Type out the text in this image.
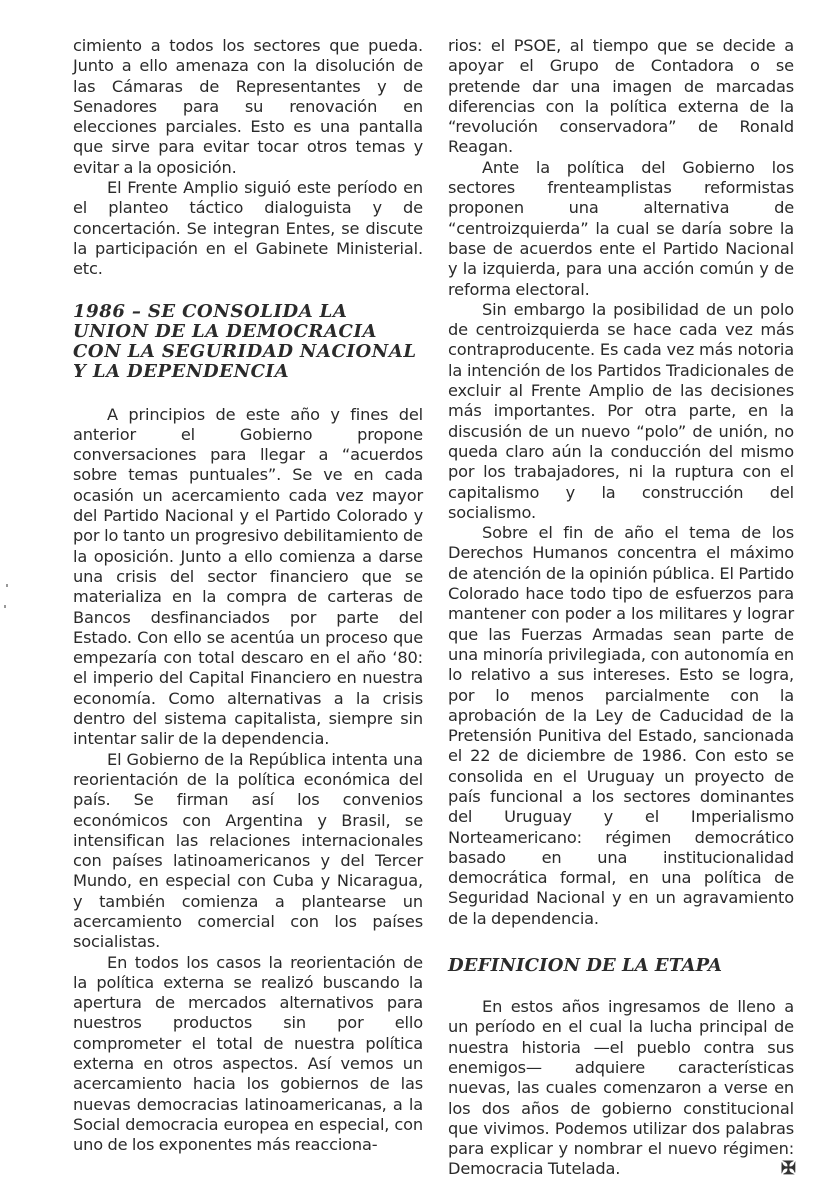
cimiento a todos los sectores que pueda. Junto a ello amenaza con la disolución de las Cámaras de Representantes y de Senadores para su renovación en elecciones parciales. Esto es una pantalla que sirve para evitar tocar otros temas y evitar a la oposición.

El Frente Amplio siguió este período en el planteo táctico dialoguista y de concertación. Se integran Entes, se discute la participación en el Gabinete Ministerial. etc.

1986 – SE CONSOLIDA LA UNION DE LA DEMOCRACIA CON LA SEGURIDAD NACIONAL Y LA DEPENDENCIA

A principios de este año y fines del anterior el Gobierno propone conversaciones para llegar a “acuerdos sobre temas puntuales”. Se ve en cada ocasión un acercamiento cada vez mayor del Partido Nacional y el Partido Colorado y por lo tanto un progresivo debilitamiento de la oposición. Junto a ello comienza a darse una crisis del sector financiero que se materializa en la compra de carteras de Bancos desfinanciados por parte del Estado. Con ello se acentúa un proceso que empezaría con total descaro en el año ‘80: el imperio del Capital Financiero en nuestra economía. Como alternativas a la crisis dentro del sistema capitalista, siempre sin intentar salir de la dependencia.

El Gobierno de la República intenta una reorientación de la política económica del país. Se firman así los convenios económicos con Argentina y Brasil, se intensifican las relaciones internacionales con países latinoamericanos y del Tercer Mundo, en especial con Cuba y Nicaragua, y también comienza a plantearse un acercamiento comercial con los países socialistas.

En todos los casos la reorientación de la política externa se realizó buscando la apertura de mercados alternativos para nuestros productos sin por ello comprometer el total de nuestra política externa en otros aspectos. Así vemos un acercamiento hacia los gobiernos de las nuevas democracias latinoamericanas, a la Social democracia europea en especial, con uno de los exponentes más reacciona-

rios: el PSOE, al tiempo que se decide a apoyar el Grupo de Contadora o se pretende dar una imagen de marcadas diferencias con la política externa de la “revolución conservadora” de Ronald Reagan.

Ante la política del Gobierno los sectores frenteamplistas reformistas proponen una alternativa de “centroizquierda” la cual se daría sobre la base de acuerdos ente el Partido Nacional y la izquierda, para una acción común y de reforma electoral.

Sin embargo la posibilidad de un polo de centroizquierda se hace cada vez más contraproducente. Es cada vez más notoria la intención de los Partidos Tradicionales de excluir al Frente Amplio de las decisiones más importantes. Por otra parte, en la discusión de un nuevo “polo” de unión, no queda claro aún la conducción del mismo por los trabajadores, ni la ruptura con el capitalismo y la construcción del socialismo.

Sobre el fin de año el tema de los Derechos Humanos concentra el máximo de atención de la opinión pública. El Partido Colorado hace todo tipo de esfuerzos para mantener con poder a los militares y lograr que las Fuerzas Armadas sean parte de una minoría privilegiada, con autonomía en lo relativo a sus intereses. Esto se logra, por lo menos parcialmente con la aprobación de la Ley de Caducidad de la Pretensión Punitiva del Estado, sancionada el 22 de diciembre de 1986. Con esto se consolida en el Uruguay un proyecto de país funcional a los sectores dominantes del Uruguay y el Imperialismo Norteamericano: régimen democrático basado en una institucionalidad democrática formal, en una política de Seguridad Nacional y en un agravamiento de la dependencia.

DEFINICION DE LA ETAPA

En estos años ingresamos de lleno a un período en el cual la lucha principal de nuestra historia —el pueblo contra sus enemigos— adquiere características nuevas, las cuales comenzaron a verse en los dos años de gobierno constitucional que vivimos. Podemos utilizar dos palabras para explicar y nombrar el nuevo régimen: Democracia Tutelada.	✠
